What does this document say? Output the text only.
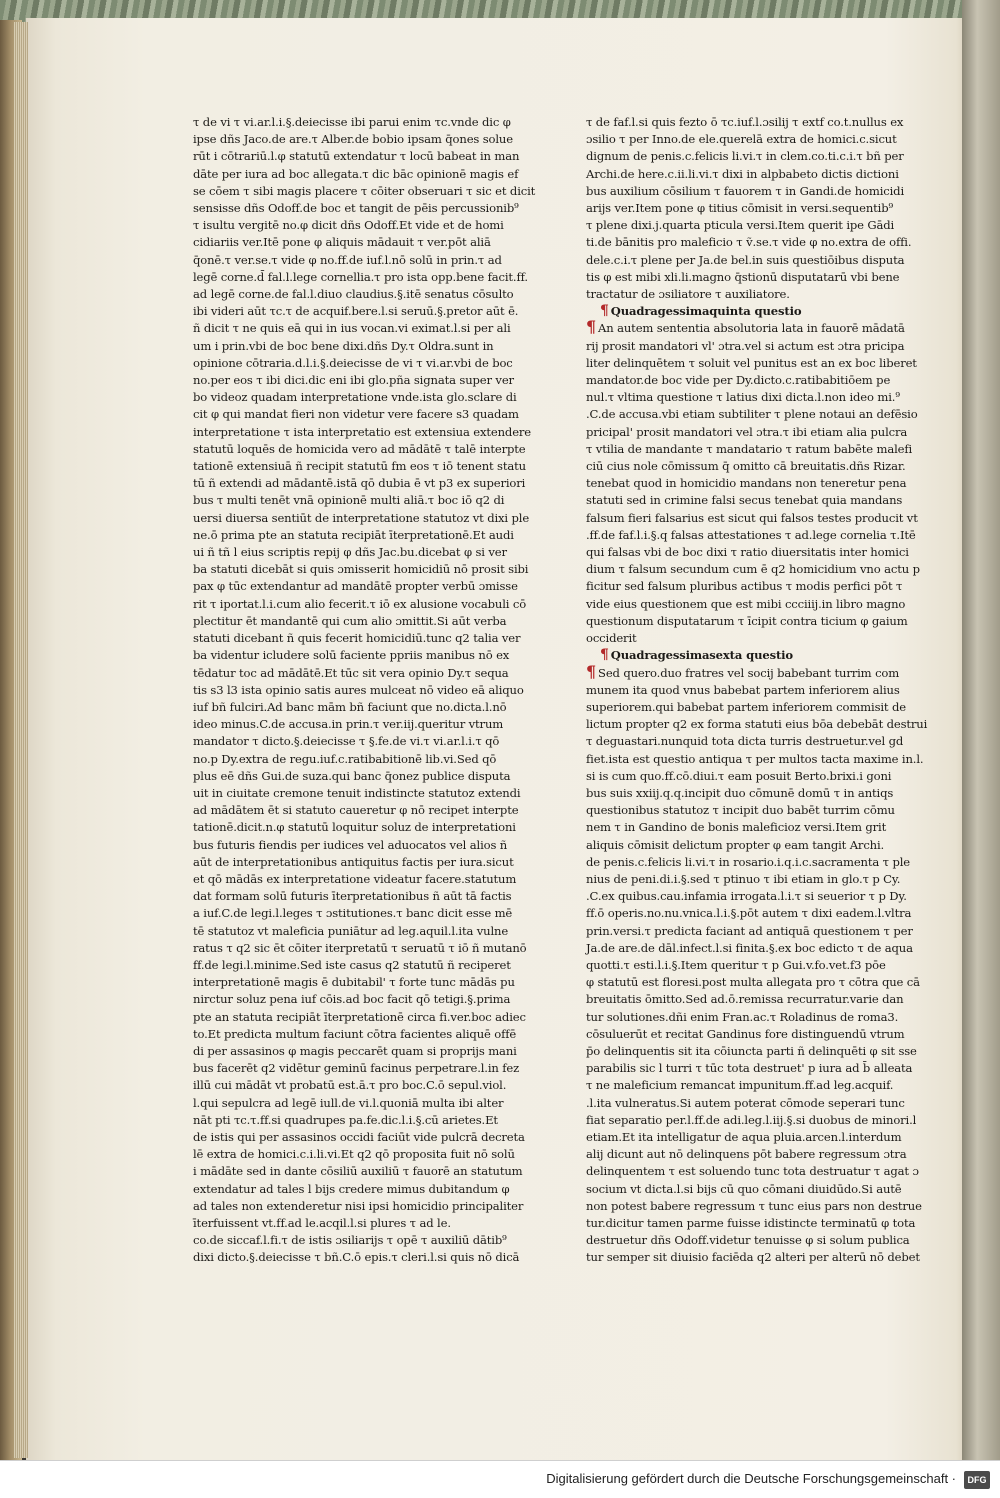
τ de vi τ vi.ar.l.i.§.deiecisse ibi parui enim τc.vnde dic φ
ipse dñs Jaco.de are.τ Alber.de bobio ipsam q̄ones solue
rūt i cōtrariū.l.φ statutū extendatur τ locū babeat in man
dāte per iura ad boc allegata.τ dic bāc opinionē magis ef
se cōem τ sibi magis placere τ cōiter obseruari τ sic et dicit
sensisse dñs Odoff.de boc et tangit de pēis percussionib⁹
τ isultu vergitē no.φ dicit dñs Odoff.Et vide et de homi
cidiariis ver.Itē pone φ aliquis mādauit τ ver.pōt aliā
q̄onē.τ ver.se.τ vide φ no.ff.de iuf.l.nō solū in prin.τ ad
legē corne.d̄ fal.l.lege cornellia.τ pro ista opp.bene facit.ff.
ad legē corne.de fal.l.diuo claudius.§.itē senatus cōsulto
ibi videri aūt τc.τ de acquif.bere.l.si seruū.§.pretor aūt ē.
ñ dicit τ ne quis eā qui in ius vocan.vi eximat.l.si per ali
um i prin.vbi de boc bene dixi.dñs Dy.τ Oldra.sunt in
opinione cōtraria.d.l.i.§.deiecisse de vi τ vi.ar.vbi de boc
no.per eos τ ibi dici.dic eni ibi glo.pña signata super ver
bo videoz quadam interpretatione vnde.ista glo.sclare di
cit φ qui mandat fieri non videtur vere facere s3 quadam
interpretatione τ ista interpretatio est extensiua extendere
statutū loquēs de homicida vero ad mādātē τ talē interpte
tationē extensiuā ñ recipit statutū fm eos τ iō tenent statu
tū ñ extendi ad mādantē.istā qō dubia ē vt p3 ex superiori
bus τ multi tenēt vnā opinionē multi aliā.τ boc iō q2 di
uersi diuersa sentiūt de interpretatione statutoz vt dixi ple
ne.ō prima pte an statuta recipiāt īterpretationē.Et audi
ui ñ tñ l eius scriptis repij φ dñs Jac.bu.dicebat φ si ver
ba statuti dicebāt si quis ɔmisserit homicidiū nō prosit sibi
pax φ tūc extendantur ad mandātē propter verbū ɔmisse
rit τ iportat.l.i.cum alio fecerit.τ iō ex alusione vocabuli cō
plectitur ēt mandantē qui cum alio ɔmittit.Si aūt verba
statuti dicebant ñ quis fecerit homicidiū.tunc q2 talia ver
ba videntur icludere solū faciente ppriis manibus nō ex
tēdatur toc ad mādātē.Et tūc sit vera opinio Dy.τ sequa
tis s3 l3 ista opinio satis aures mulceat nō video eā aliquo
iuf bñ fulciri.Ad banc mām bñ faciunt que no.dicta.l.nō
ideo minus.C.de accusa.in prin.τ ver.iij.queritur vtrum
mandator τ dicto.§.deiecisse τ §.fe.de vi.τ vi.ar.l.i.τ qō
no.p Dy.extra de regu.iuf.c.ratibabitionē lib.vi.Sed qō
plus eē dñs Gui.de suza.qui banc q̄onez publice disputa
uit in ciuitate cremone tenuit indistincte statutoz extendi
ad mādātem ēt si statuto caueretur φ nō recipet interpte
tationē.dicit.n.φ statutū loquitur soluz de interpretationi
bus futuris fiendis per iudices vel aduocatos vel alios ñ
aūt de interpretationibus antiquitus factis per iura.sicut
et qō mādās ex interpretatione videatur facere.statutum
dat formam solū futuris īterpretationibus ñ aūt tā factis
a iuf.C.de legi.l.leges τ ɔstitutiones.τ banc dicit esse mē
tē statutoz vt maleficia puniātur ad leg.aquil.l.ita vulne
ratus τ q2 sic ēt cōiter iterpretatū τ seruatū τ iō ñ mutanō
ff.de legi.l.minime.Sed iste casus q2 statutū ñ reciperet
interpretationē magis ē dubitabil' τ forte tunc mādās pu
nirctur soluz pena iuf cōis.ad boc facit qō tetigi.§.prima
pte an statuta recipiāt īterpretationē circa fi.ver.boc adiec
to.Et predicta multum faciunt cōtra facientes aliquē offē
di per assasinos φ magis peccarēt quam si proprijs mani
bus facerēt q2 vidētur geminū facinus perpetrare.l.in fez
illū cui mādāt vt probatū est.ā.τ pro boc.C.ō sepul.viol.
l.qui sepulcra ad legē iull.de vi.l.quoniā multa ibi alter
nāt pti τc.τ.ff.si quadrupes pa.fe.dic.l.i.§.cū arietes.Et
de istis qui per assasinos occidi faciūt vide pulcrā decreta
lē extra de homici.c.i.li.vi.Et q2 qō proposita fuit nō solū
i mādāte sed in dante cōsiliū auxiliū τ fauorē an statutum
extendatur ad tales l bijs credere mimus dubitandum φ
ad tales non extenderetur nisi ipsi homicidio principaliter
īterfuissent vt.ff.ad le.acqil.l.si plures τ ad le.
co.de siccaf.l.fi.τ de istis ɔsiliarijs τ opē τ auxiliū dātib⁹
dixi dicto.§.deiecisse τ bñ.C.ō epis.τ cleri.l.si quis nō dicā
τ de faf.l.si quis fezto ō τc.iuf.l.ɔsilij τ extf co.t.nullus ex
ɔsilio τ per Inno.de ele.querelā extra de homici.c.sicut
dignum de penis.c.felicis li.vi.τ in clem.co.ti.c.i.τ bñ per
Archi.de here.c.ii.li.vi.τ dixi in alpbabeto dictis dictioni
bus auxilium cōsilium τ fauorem τ in Gandi.de homicidi
arijs ver.Item pone φ titius cōmisit in versi.sequentib⁹
τ plene dixi.j.quarta pticula versi.Item querit ipe Gādi
ti.de bānitis pro maleficio τ ṽ.se.τ vide φ no.extra de offi.
dele.c.i.τ plene per Ja.de bel.in suis questiōibus disputa
tis φ est mibi xli.li.magno q̄stionū disputatarū vbi bene
tractatur de ɔsiliatore τ auxiliatore.
¶ Quadragessimaquinta questio
¶ An autem sententia absolutoria lata in fauorē mādatā
rij prosit mandatori vl' ɔtra.vel si actum est ɔtra pricipa
liter delinquētem τ soluit vel punitus est an ex boc liberet
mandator.de boc vide per Dy.dicto.c.ratibabitiōem pe
nul.τ vltima questione τ latius dixi dicta.l.non ideo mi.⁹
.C.de accusa.vbi etiam subtiliter τ plene notaui an defēsio
pricipal' prosit mandatori vel ɔtra.τ ibi etiam alia pulcra
τ vtilia de mandante τ mandatario τ ratum babēte malefi
ciū cius nole cōmissum q̄ omitto cā breuitatis.dñs Rizar.
tenebat quod in homicidio mandans non teneretur pena
statuti sed in crimine falsi secus tenebat quia mandans
falsum fieri falsarius est sicut qui falsos testes producit vt
.ff.de faf.l.i.§.q falsas attestationes τ ad.lege cornelia τ.Itē
qui falsas vbi de boc dixi τ ratio diuersitatis inter homici
dium τ falsum secundum cum ē q2 homicidium vno actu p
ficitur sed falsum pluribus actibus τ modis perfici pōt τ
vide eius questionem que est mibi ccciiij.in libro magno
questionum disputatarum τ īcipit contra ticium φ gaium
occiderit
¶ Quadragessimasexta questio
¶ Sed quero.duo fratres vel socij babebant turrim com
munem ita quod vnus babebat partem inferiorem alius
superiorem.qui babebat partem inferiorem commisit de
lictum propter q2 ex forma statuti eius bōa debebāt destrui
τ deguastari.nunquid tota dicta turris destruetur.vel gd
fiet.ista est questio antiqua τ per multos tacta maxime in.l.
si is cum quo.ff.cō.diui.τ eam posuit Berto.brixi.i goni
bus suis xxiij.q.q.incipit duo cōmunē domū τ in antiqs
questionibus statutoz τ incipit duo babēt turrim cōmu
nem τ in Gandino de bonis maleficioz versi.Item grit
aliquis cōmisit delictum propter φ eam tangit Archi.
de penis.c.felicis li.vi.τ in rosario.i.q.i.c.sacramenta τ ple
nius de peni.di.i.§.sed τ ptinuo τ ibi etiam in glo.τ p Cy.
.C.ex quibus.cau.infamia irrogata.l.i.τ si seuerior τ p Dy.
ff.ō operis.no.nu.vnica.l.i.§.pōt autem τ dixi eadem.l.vltra
prin.versi.τ predicta faciant ad antiquā questionem τ per
Ja.de are.de dāl.infect.l.si finita.§.ex boc edicto τ de aqua
quotti.τ esti.l.i.§.Item queritur τ p Gui.v.fo.vet.f3 pōe
φ statutū est floresi.post multa allegata pro τ cōtra que cā
breuitatis ōmitto.Sed ad.ō.remissa recurratur.varie dan
tur solutiones.dñi enim Fran.ac.τ Roladinus de roma3.
cōsuluerūt et recitat Gandinus fore distinguendū vtrum
p̄o delinquentis sit ita cōiuncta parti ñ delinquēti φ sit sse
parabilis sic l turri τ tūc tota destruet' p iura ad b̄ alleata
τ ne maleficium remancat impunitum.ff.ad leg.acquif.
.l.ita vulneratus.Si autem poterat cōmode seperari tunc
fiat separatio per.l.ff.de adi.leg.l.iij.§.si duobus de minori.l
etiam.Et ita intelligatur de aqua pluia.arcen.l.interdum
alij dicunt aut nō delinquens pōt babere regressum ɔtra
delinquentem τ est soluendo tunc tota destruatur τ agat ɔ
socium vt dicta.l.si bijs cū quo cōmani diuidūdo.Si autē
non potest babere regressum τ tunc eius pars non destrue
tur.dicitur tamen parme fuisse idistincte terminatū φ tota
destruetur dñs Odoff.videtur tenuisse φ si solum publica
tur semper sit diuisio faciēda q2 alteri per alterū nō debet
Digitalisierung gefördert durch die Deutsche Forschungsgemeinschaft ·	DFG
